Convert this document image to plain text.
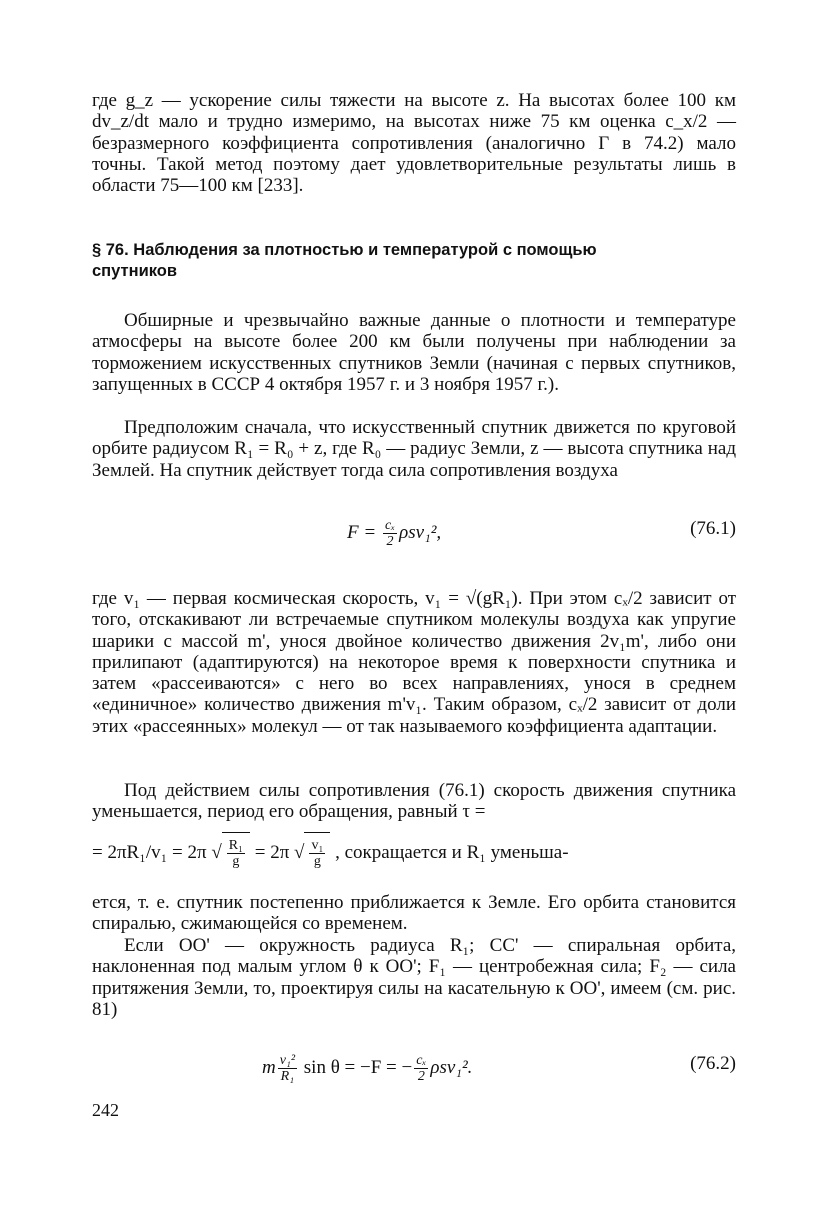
где g_z — ускорение силы тяжести на высоте z. На высотах более 100 км dv_z/dt мало и трудно измеримо, на высотах ниже 75 км оценка c_x/2 — безразмерного коэффициента сопротивления (аналогично Г в 74.2) мало точны. Такой метод поэтому дает удовлетворительные результаты лишь в области 75—100 км [233].

§ 76. Наблюдения за плотностью и температурой с помощью спутников

Обширные и чрезвычайно важные данные о плотности и температуре атмосферы на высоте более 200 км были получены при наблюдении за торможением искусственных спутников Земли (начиная с первых спутников, запущенных в СССР 4 октября 1957 г. и 3 ноября 1957 г.).

Предположим сначала, что искусственный спутник движется по круговой орбите радиусом R₁ = R₀ + z, где R₀ — радиус Земли, z — высота спутника над Землей. На спутник действует тогда сила сопротивления воздуха

$F = \frac{\text{cₓ}}{2} \rho sv_1^2$,	(76.1)

где v₁ — первая космическая скорость, v₁ = √(gR₁). При этом cₓ/2 зависит от того, отскакивают ли встречаемые спутником молекулы воздуха как упругие шарики с массой m', унося двойное количество движения 2v₁m', либо они прилипают (адаптируются) на некоторое время к поверхности спутника и затем «рассеиваются» с него во всех направлениях, унося в среднем «единичное» количество движения m'v₁. Таким образом, cₓ/2 зависит от доли этих «рассеянных» молекул — от так называемого коэффициента адаптации.

Под действием силы сопротивления (76.1) скорость движения спутника уменьшается, период его обращения, равный τ =

= 2πR₁/v₁ = 2π √ $\frac{\text{R₁}}{g} = 2\pi$ √ $\frac{\text{v₁}}{g}$ , сокращается и R₁ уменьша-

ется, т. е. спутник постепенно приближается к Земле. Его орбита становится спиралью, сжимающейся со временем.

Если OO' — окружность радиуса R₁; CC' — спиральная орбита, наклоненная под малым углом θ к OO'; F₁ — центробежная сила; F₂ — сила притяжения Земли, то, проектируя силы на касательную к OO', имеем (см. рис. 81)

m $\frac{\text{v₁²}}{\text{R₁}}$ sin θ = −F = − $\frac{\text{cₓ}}{2} \rho sv_1^2$.	(76.2)
242
